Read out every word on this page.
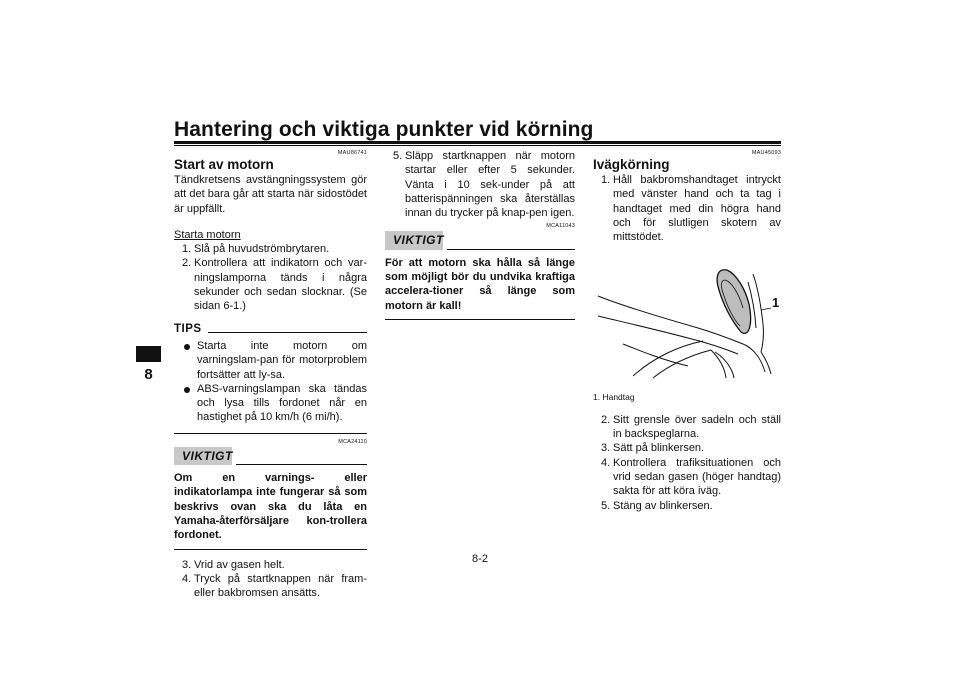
Hantering och viktiga punkter vid körning
8
MAU86741
Start av motorn
Tändkretsens avstängningssystem gör att det bara går att starta när sidostödet är uppfällt.
Starta motorn
1. Slå på huvudströmbrytaren.
2. Kontrollera att indikatorn och var-ningslamporna tänds i några sekunder och sedan slocknar. (Se sidan 6-1.)
TIPS
Starta inte motorn om varningslam-pan för motorproblem fortsätter att ly-sa.
ABS-varningslampan ska tändas och lysa tills fordonet når en hastighet på 10 km/h (6 mi/h).
MCA24110
VIKTIGT
Om en varnings- eller indikatorlampa inte fungerar så som beskrivs ovan ska du låta en Yamaha-återförsäljare kon-trollera fordonet.
3. Vrid av gasen helt.
4. Tryck på startknappen när fram- eller bakbromsen ansätts.
5. Släpp startknappen när motorn startar eller efter 5 sekunder. Vänta i 10 sek-under på att batterispänningen ska återställas innan du trycker på knap-pen igen.
MCA11043
VIKTIGT
För att motorn ska hålla så länge som möjligt bör du undvika kraftiga accelera-tioner så länge som motorn är kall!
MAU45093
Ivägkörning
1. Håll bakbromshandtaget intryckt med vänster hand och ta tag i handtaget med din högra hand och för slutligen skotern av mittstödet.
1
1. Handtag
2. Sitt grensle över sadeln och ställ in backspeglarna.
3. Sätt på blinkersen.
4. Kontrollera trafiksituationen och vrid sedan gasen (höger handtag) sakta för att köra iväg.
5. Stäng av blinkersen.
8-2
